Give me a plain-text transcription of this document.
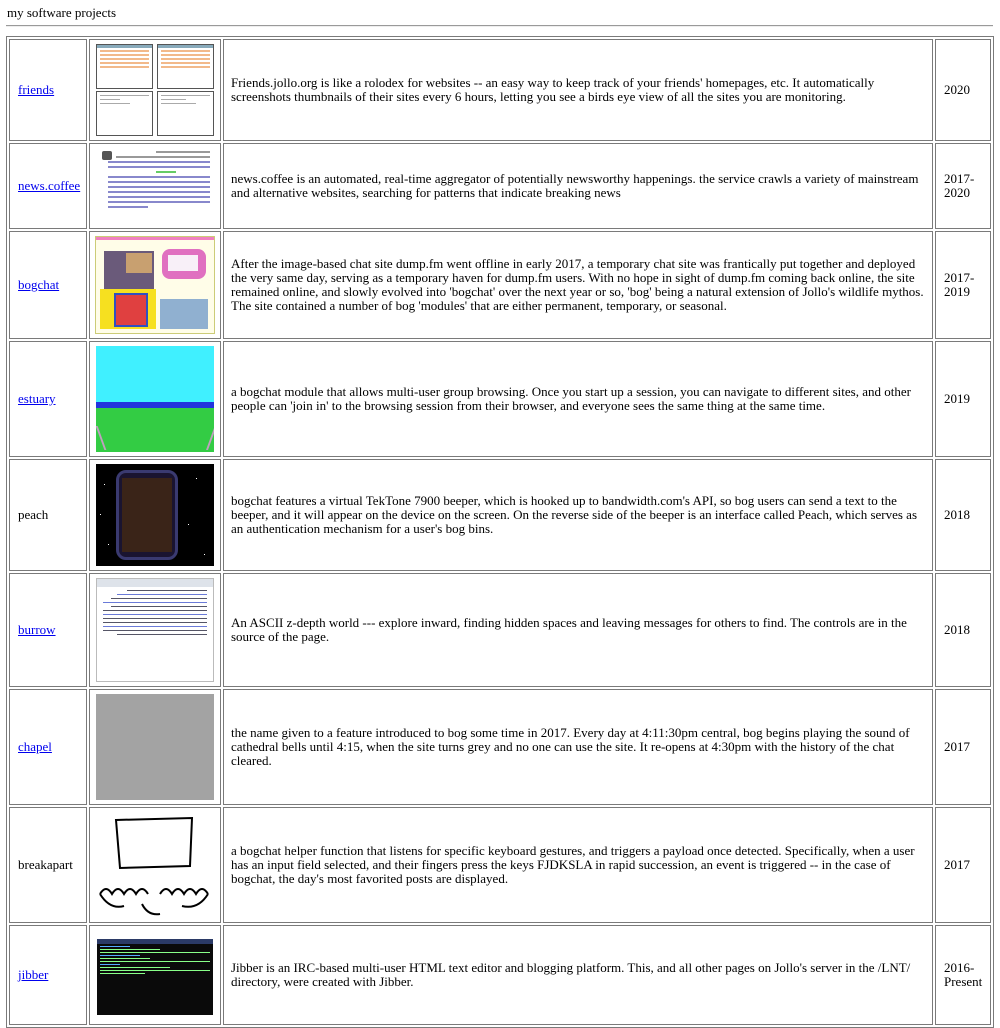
my software projects
friends		Friends.jollo.org is like a rolodex for websites -- an easy way to keep track of your friends' homepages, etc. It automatically screenshots thumbnails of their sites every 6 hours, letting you see a birds eye view of all the sites you are monitoring.	2020
news.coffee		news.coffee is an automated, real-time aggregator of potentially newsworthy happenings. the service crawls a variety of mainstream and alternative websites, searching for patterns that indicate breaking news	2017-2020
bogchat		After the image-based chat site dump.fm went offline in early 2017, a temporary chat site was frantically put together and deployed the very same day, serving as a temporary haven for dump.fm users. With no hope in sight of dump.fm coming back online, the site remained online, and slowly evolved into 'bogchat' over the next year or so, 'bog' being a natural extension of Jollo's wildlife mythos. The site contained a number of bog 'modules' that are either permanent, temporary, or seasonal.	2017-2019
estuary		a bogchat module that allows multi-user group browsing. Once you start up a session, you can navigate to different sites, and other people can 'join in' to the browsing session from their browser, and everyone sees the same thing at the same time.	2019
peach		bogchat features a virtual TekTone 7900 beeper, which is hooked up to bandwidth.com's API, so bog users can send a text to the beeper, and it will appear on the device on the screen. On the reverse side of the beeper is an interface called Peach, which serves as an authentication mechanism for a user's bog bins.	2018
burrow		An ASCII z-depth world --- explore inward, finding hidden spaces and leaving messages for others to find. The controls are in the source of the page.	2018
chapel		the name given to a feature introduced to bog some time in 2017. Every day at 4:11:30pm central, bog begins playing the sound of cathedral bells until 4:15, when the site turns grey and no one can use the site. It re-opens at 4:30pm with the history of the chat cleared.	2017
breakapart		a bogchat helper function that listens for specific keyboard gestures, and triggers a payload once detected. Specifically, when a user has an input field selected, and their fingers press the keys FJDKSLA in rapid succession, an event is triggered -- in the case of bogchat, the day's most favorited posts are displayed.	2017
jibber		Jibber is an IRC-based multi-user HTML text editor and blogging platform. This, and all other pages on Jollo's server in the /LNT/ directory, were created with Jibber.	2016-Present
